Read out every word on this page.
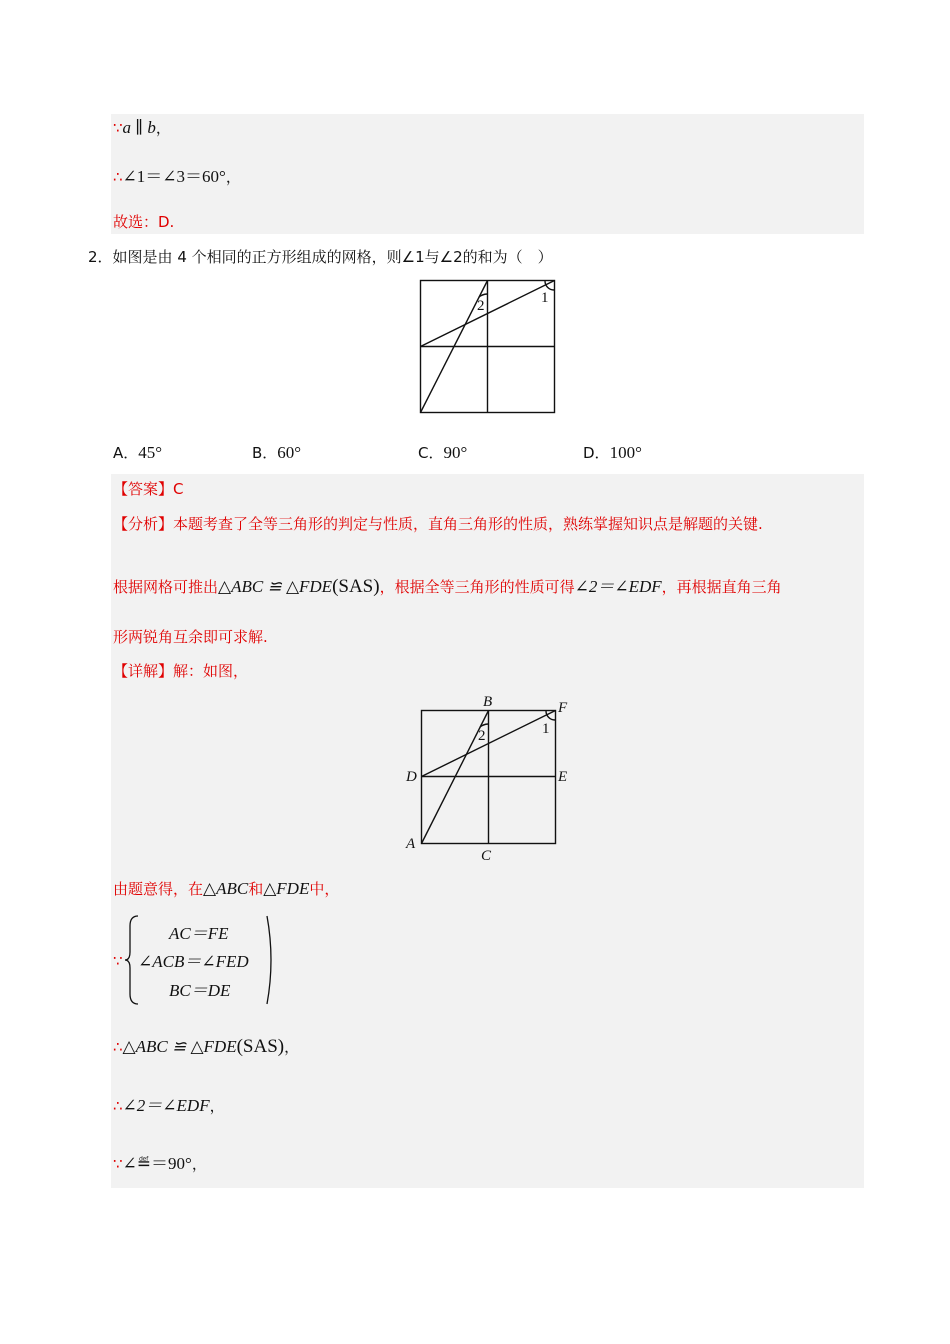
∵a ∥ b，
∴∠1＝∠3＝60°，
故选：D.
2．如图是由 4 个相同的正方形组成的网格，则∠1与∠2的和为（　）
1
2
A．45°	B．60°	C．90°	D．100°
【答案】C
【分析】本题考查了全等三角形的判定与性质，直角三角形的性质，熟练掌握知识点是解题的关键.
根据网格可推出△ABC ≌ △FDE(SAS)，根据全等三角形的性质可得∠2＝∠EDF，再根据直角三角
形两锐角互余即可求解.
【详解】解：如图，
B	F
D	E
A
C
1
2
由题意得，在△ABC和△FDE中，
∵
AC＝FE
∠ACB＝∠FED
BC＝DE
∴△ABC ≌ △FDE(SAS)，
∴∠2＝∠EDF，
∵∠≝＝90°，
